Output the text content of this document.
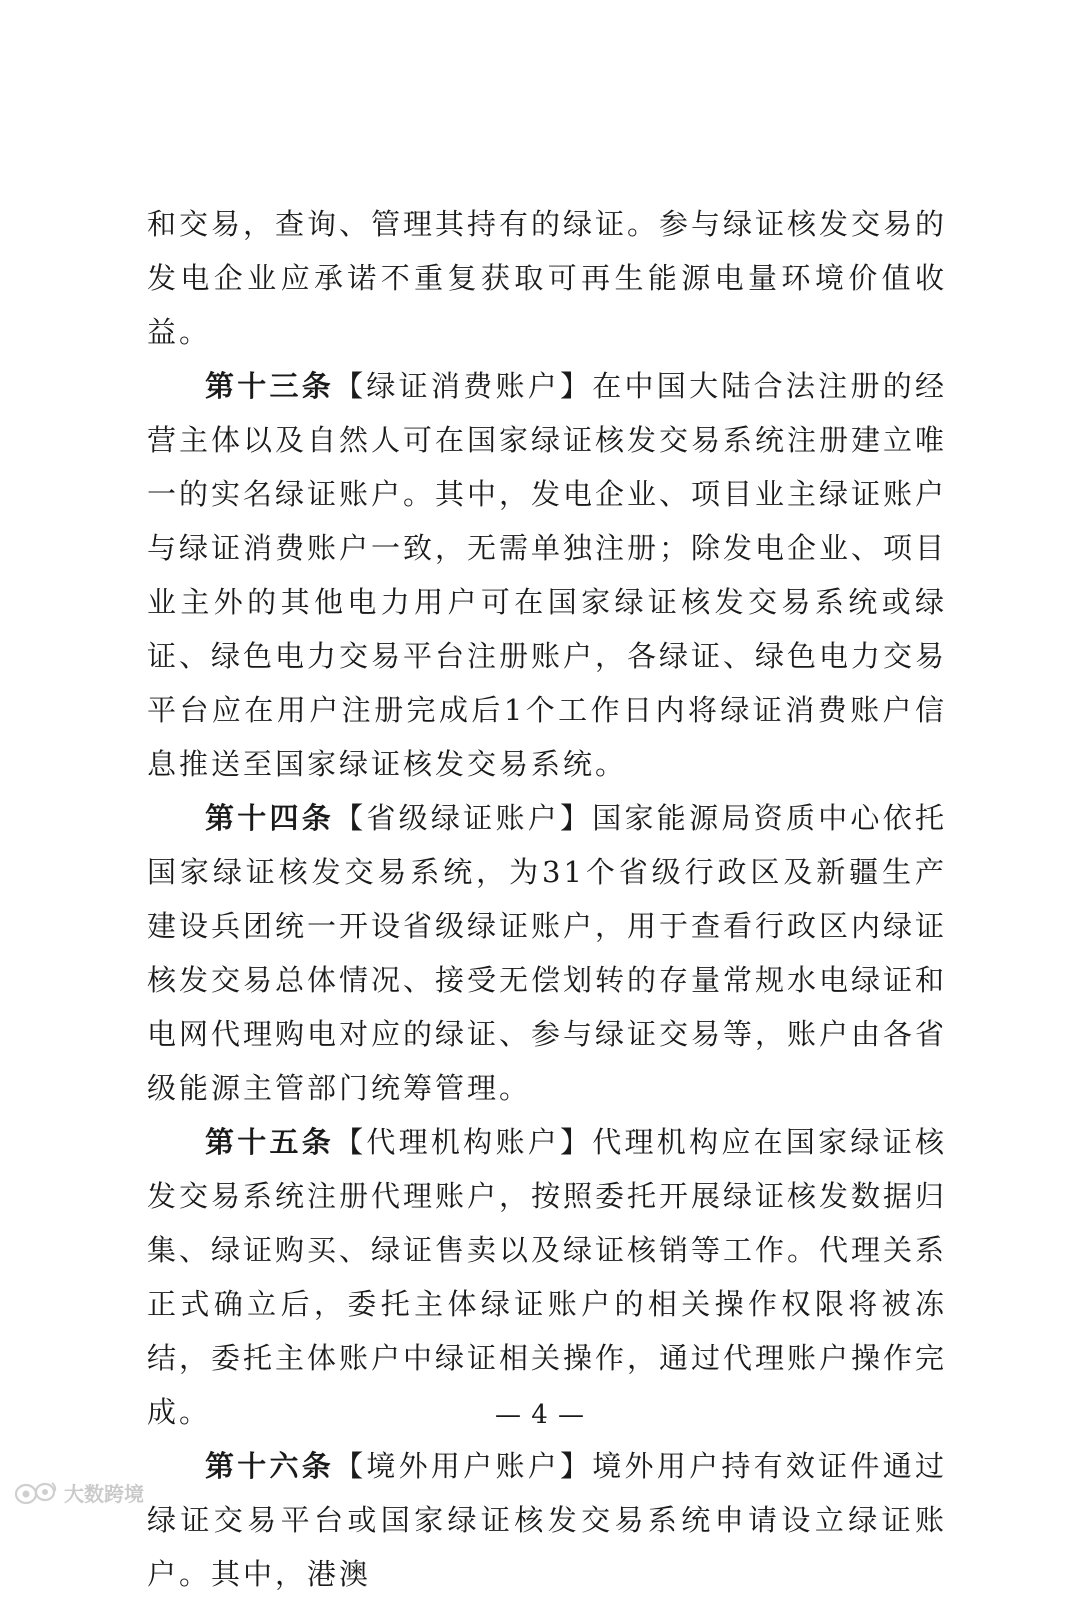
和交易，查询、管理其持有的绿证。参与绿证核发交易的发电企业应承诺不重复获取可再生能源电量环境价值收益。

第十三条【绿证消费账户】在中国大陆合法注册的经营主体以及自然人可在国家绿证核发交易系统注册建立唯一的实名绿证账户。其中，发电企业、项目业主绿证账户与绿证消费账户一致，无需单独注册；除发电企业、项目业主外的其他电力用户可在国家绿证核发交易系统或绿证、绿色电力交易平台注册账户，各绿证、绿色电力交易平台应在用户注册完成后1个工作日内将绿证消费账户信息推送至国家绿证核发交易系统。

第十四条【省级绿证账户】国家能源局资质中心依托国家绿证核发交易系统，为31个省级行政区及新疆生产建设兵团统一开设省级绿证账户，用于查看行政区内绿证核发交易总体情况、接受无偿划转的存量常规水电绿证和电网代理购电对应的绿证、参与绿证交易等，账户由各省级能源主管部门统筹管理。

第十五条【代理机构账户】代理机构应在国家绿证核发交易系统注册代理账户，按照委托开展绿证核发数据归集、绿证购买、绿证售卖以及绿证核销等工作。代理关系正式确立后，委托主体绿证账户的相关操作权限将被冻结，委托主体账户中绿证相关操作，通过代理账户操作完成。

第十六条【境外用户账户】境外用户持有效证件通过绿证交易平台或国家绿证核发交易系统申请设立绿证账户。其中，港澳

— 4 —
大数跨境
